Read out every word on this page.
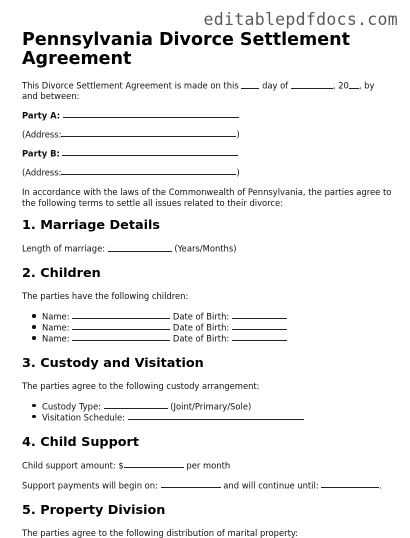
editablepdfdocs.com
Pennsylvania Divorce Settlement Agreement

This Divorce Settlement Agreement is made on this	day of	, 20 , by and between:

Party A:

(Address:	)

Party B:

(Address:	)

In accordance with the laws of the Commonwealth of Pennsylvania, the parties agree to the following terms to settle all issues related to their divorce:

1. Marriage Details

Length of marriage:	(Years/Months)

2. Children

The parties have the following children:

Name:	Date of Birth:
Name:	Date of Birth:
Name:	Date of Birth:
3. Custody and Visitation

The parties agree to the following custody arrangement:

Custody Type:	(Joint/Primary/Sole)
Visitation Schedule:
4. Child Support

Child support amount: $	per month

Support payments will begin on:	and will continue until:	.

5. Property Division

The parties agree to the following distribution of marital property:
